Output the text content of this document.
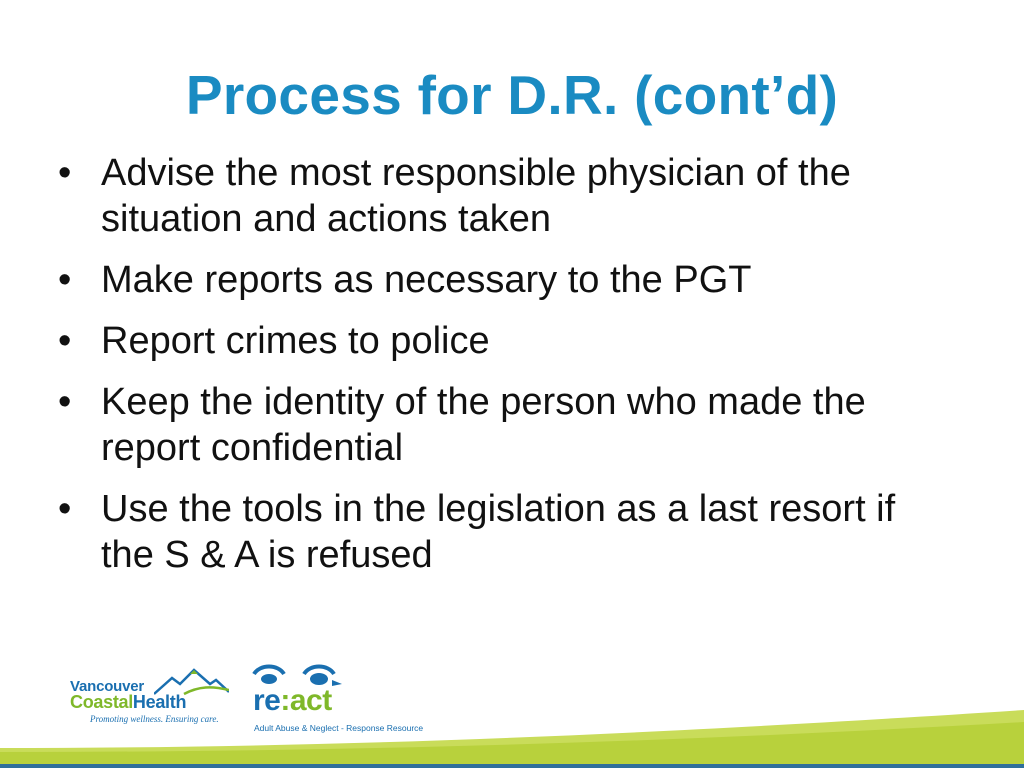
Process for D.R. (cont’d)
• Advise the most responsible physician of the situation and actions taken
• Make reports as necessary to the PGT
• Report crimes to police
• Keep the identity of the person who made the report confidential
• Use the tools in the legislation as a last resort if the S & A is refused
Vancouver
CoastalHealth
Promoting wellness. Ensuring care.
re:act
Adult Abuse & Neglect - Response Resource
